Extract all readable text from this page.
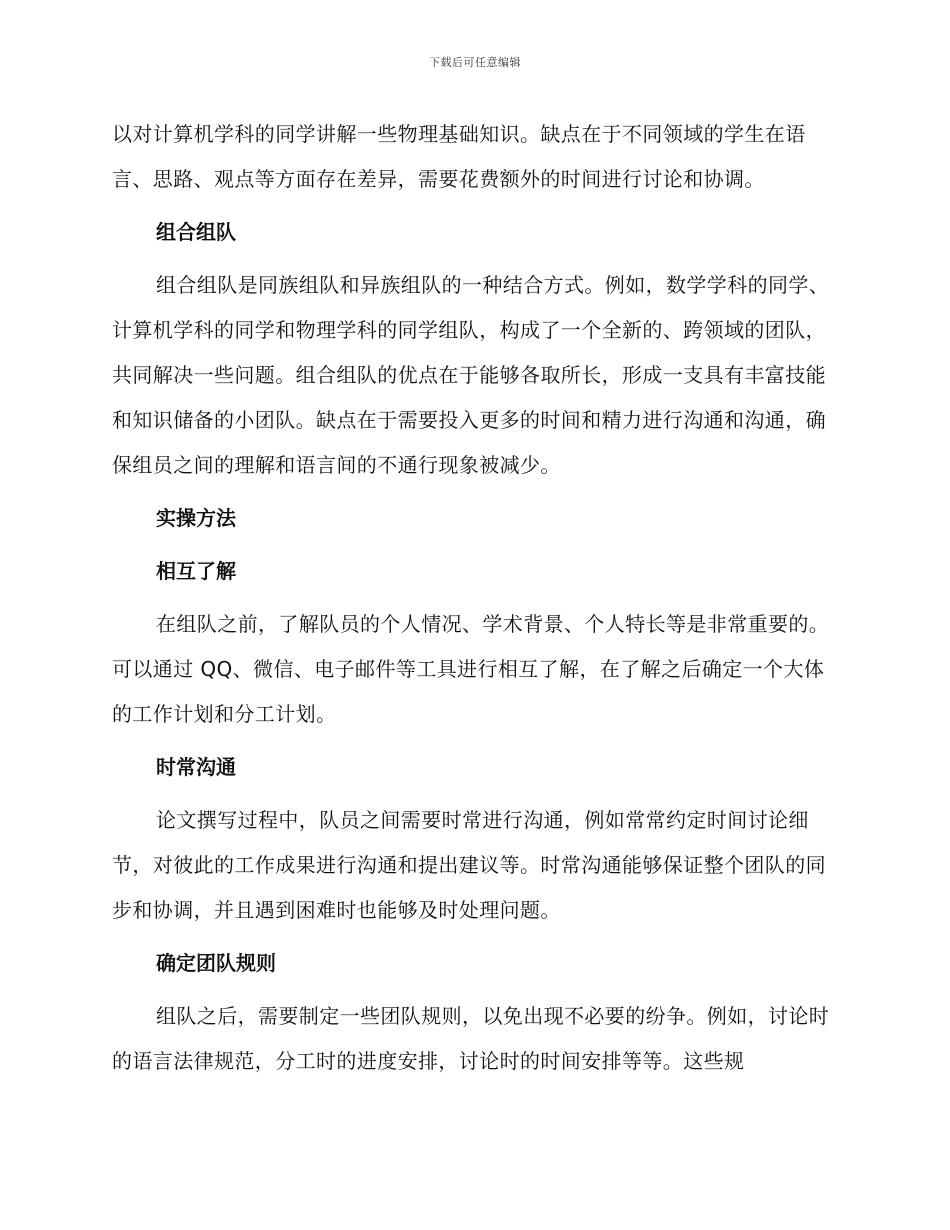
下载后可任意编辑

以对计算机学科的同学讲解一些物理基础知识。缺点在于不同领域的学生在语言、思路、观点等方面存在差异，需要花费额外的时间进行讨论和协调。

组合组队

组合组队是同族组队和异族组队的一种结合方式。例如，数学学科的同学、计算机学科的同学和物理学科的同学组队，构成了一个全新的、跨领域的团队，共同解决一些问题。组合组队的优点在于能够各取所长，形成一支具有丰富技能和知识储备的小团队。缺点在于需要投入更多的时间和精力进行沟通和沟通，确保组员之间的理解和语言间的不通行现象被减少。

实操方法

相互了解

在组队之前，了解队员的个人情况、学术背景、个人特长等是非常重要的。可以通过 QQ、微信、电子邮件等工具进行相互了解，在了解之后确定一个大体的工作计划和分工计划。

时常沟通

论文撰写过程中，队员之间需要时常进行沟通，例如常常约定时间讨论细节，对彼此的工作成果进行沟通和提出建议等。时常沟通能够保证整个团队的同步和协调，并且遇到困难时也能够及时处理问题。

确定团队规则

组队之后，需要制定一些团队规则，以免出现不必要的纷争。例如，讨论时的语言法律规范，分工时的进度安排，讨论时的时间安排等等。这些规
